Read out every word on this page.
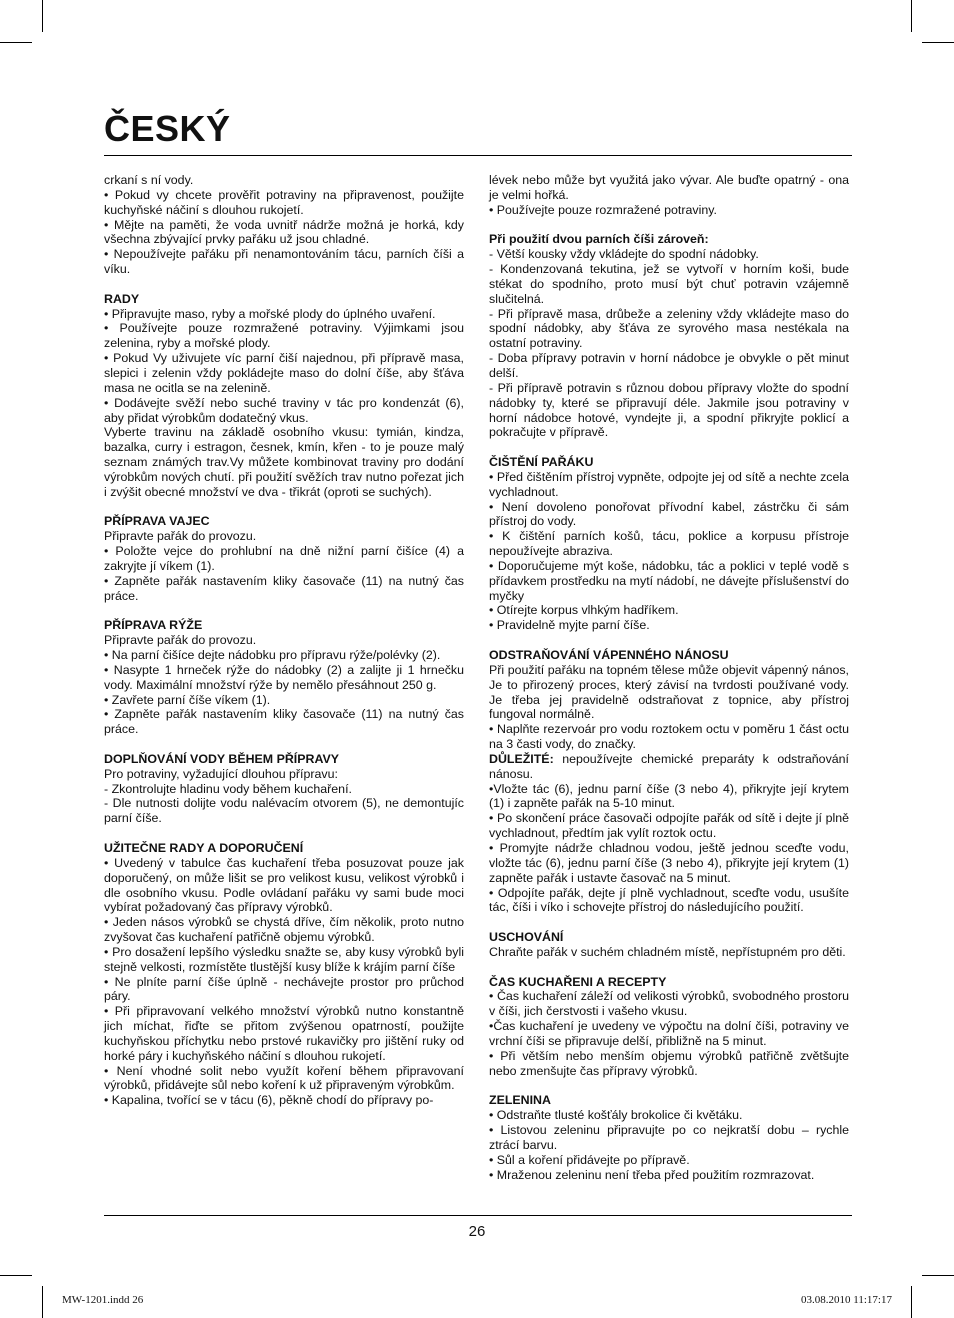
ČESKÝ
crkaní s ní vody.
• Pokud vy chcete prověřit potraviny na připravenost, použijte kuchyňské náčiní s dlouhou rukojetí.
• Mějte na paměti, že voda uvnitř nádrže možná je horká, kdy všechna zbývající prvky pařáku už jsou chladné.
• Nepoužívejte pařáku při nenamontováním tácu, parních číši a víku.
RADY
• Připravujte maso, ryby a mořské plody do úplného uvaření.
• Používejte pouze rozmražené potraviny. Výjimkami jsou zelenina, ryby a mořské plody.
• Pokud Vy uživujete víc parní čiší najednou, při přípravě masa, slepici i zelenin vždy pokládejte maso do dolní číše, aby šťáva masa ne ocitla se na zelenině.
• Dodávejte svěží nebo suché traviny v tác pro kondenzát (6), aby přidat výrobkům dodatečný vkus.
Vyberte travinu na základě osobního vkusu: tymián, kindza, bazalka, curry i estragon, česnek, kmín, křen - to je pouze malý seznam známých trav.Vy můžete kombinovat traviny pro dodání výrobkům nových chutí. při použití svěžích trav nutno pořezat jich i zvýšit obecné množství ve dva - třikrát (oproti se suchých).
PŘÍPRAVA VAJEC
Připravte pařák do provozu.
• Položte vejce do prohlubní na dně nižní parní čišíce (4) a zakryjte jí víkem (1).
• Zapněte pařák nastavením kliky časovače (11) na nutný čas práce.
PŘÍPRAVA RÝŽE
Připravte pařák do provozu.
• Na parní čišíce dejte nádobku pro přípravu rýže/polévky (2).
• Nasypte 1 hrneček rýže do nádobky (2) a zalijte ji 1 hrnečku vody. Maximální množství rýže by nemělo přesáhnout 250 g.
• Zavřete parní číše víkem (1).
• Zapněte pařák nastavením kliky časovače (11) na nutný čas práce.
DOPLŇOVÁNÍ VODY BĚHEM PŘÍPRAVY
Pro potraviny, vyžadující dlouhou přípravu:
- Zkontrolujte hladinu vody během kuchaření.
- Dle nutnosti dolijte vodu nalévacím otvorem (5), ne demontujíc parní číše.
UŽITEČNE RADY A DOPORUČENÍ
• Uvedený v tabulce čas kuchaření třeba posuzovat pouze jak doporučený, on může lišit se pro velikost kusu, velikost výrobků i dle osobního vkusu. Podle ovládaní pařáku vy sami bude moci vybírat požadovaný čas přípravy výrobků.
• Jeden násos výrobků se chystá dříve, čím několik, proto nutno zvyšovat čas kuchaření patřičně objemu výrobků.
• Pro dosažení lepšího výsledku snažte se, aby kusy výrobků byli stejně velkosti, rozmístěte tlustější kusy blíže k krájím parní číše
• Ne plníte parní číše úplně - nechávejte prostor pro průchod páry.
• Při připravovaní velkého množství výrobků nutno konstantně jich míchat, řiďte se přitom zvýšenou opatrností, použijte kuchyňskou příchytku nebo prstové rukavičky pro jištění ruky od horké páry i kuchyňského náčiní s dlouhou rukojetí.
• Není vhodné solit nebo využít koření během připravovaní výrobků, přidávejte sůl nebo koření k už připraveným výrobkům.
• Kapalina, tvořící se v tácu (6), pěkně chodí do přípravy po-
lévek nebo může byt využitá jako vývar. Ale buďte opatrný - ona je velmi hořká.
• Používejte pouze rozmražené potraviny.
Při použití dvou parních číši zároveň:
- Větší kousky vždy vkládejte do spodní nádobky.
- Kondenzovaná tekutina, jež se vytvoří v horním koši, bude stékat do spodního, proto musí být chuť potravin vzájemně slučitelná.
- Při přípravě masa, drůbeže a zeleniny vždy vkládejte maso do spodní nádobky, aby šťáva ze syrového masa nestékala na ostatní potraviny.
- Doba přípravy potravin v horní nádobce je obvykle o pět minut delší.
- Při přípravě potravin s různou dobou přípravy vložte do spodní nádobky ty, které se připravují déle. Jakmile jsou potraviny v horní nádobce hotové, vyndejte ji, a spodní přikryjte poklicí a pokračujte v přípravě.
ČIŠTĚNÍ PAŘÁKU
• Před čištěním přístroj vypněte, odpojte jej od sítě a nechte zcela vychladnout.
• Není dovoleno ponořovat přívodní kabel, zástrčku či sám přístroj do vody.
• K čištění parních košů, tácu, poklice a korpusu přístroje nepoužívejte abraziva.
• Doporučujeme mýt koše, nádobku, tác a poklici v teplé vodě s přídavkem prostředku na mytí nádobí, ne dávejte příslušenství do myčky
• Otírejte korpus vlhkým hadříkem.
• Pravidelně myjte parní číše.
ODSTRAŇOVÁNÍ VÁPENNÉHO NÁNOSU
Při použití pařáku na topném tělese může objevit vápenný nános, Je to přirozený proces, který závisí na tvrdosti používané vody. Je třeba jej pravidelně odstraňovat z topnice, aby přístroj fungoval normálně.
• Naplňte rezervoár pro vodu roztokem octu v poměru 1 část octu na 3 časti vody, do značky.
DŮLEŽITÉ: nepoužívejte chemické preparáty k odstraňování nánosu.
•Vložte tác (6), jednu parní číše (3 nebo 4), přikryjte její krytem (1) i zapněte pařák na 5-10 minut.
• Po skončení práce časovači odpojíte pařák od sítě i dejte jí plně vychladnout, předtím jak vylít roztok octu.
• Promyjte nádrže chladnou vodou, ještě jednou sceďte vodu, vložte tác (6), jednu parní číše (3 nebo 4), přikryjte její krytem (1) zapněte pařák i ustavte časovač na 5 minut.
• Odpojíte pařák, dejte jí plně vychladnout, sceďte vodu, usušíte tác, číši i víko i schovejte přístroj do následujícího použití.
USCHOVÁNÍ
Chraňte pařák v suchém chladném místě, nepřístupném pro děti.
ČAS KUCHAŘENI A RECEPTY
• Čas kuchaření záleží od velikosti výrobků, svobodného prostoru v číši, jich čerstvosti i vašeho vkusu.
•Čas kuchaření je uvedeny ve výpočtu na dolní číši, potraviny ve vrchní číši se připravuje delší, přibližně na 5 minut.
• Při větším nebo menším objemu výrobků patřičně zvětšujte nebo zmenšujte čas přípravy výrobků.
ZELENINA
• Odstraňte tlusté košťály brokolice či květáku.
• Listovou zeleninu připravujte po co nejkratší dobu – rychle ztrácí barvu.
• Sůl a koření přidávejte po přípravě.
• Mraženou zeleninu není třeba před použitím rozmrazovat.
26
MW-1201.indd 26	03.08.2010 11:17:17
